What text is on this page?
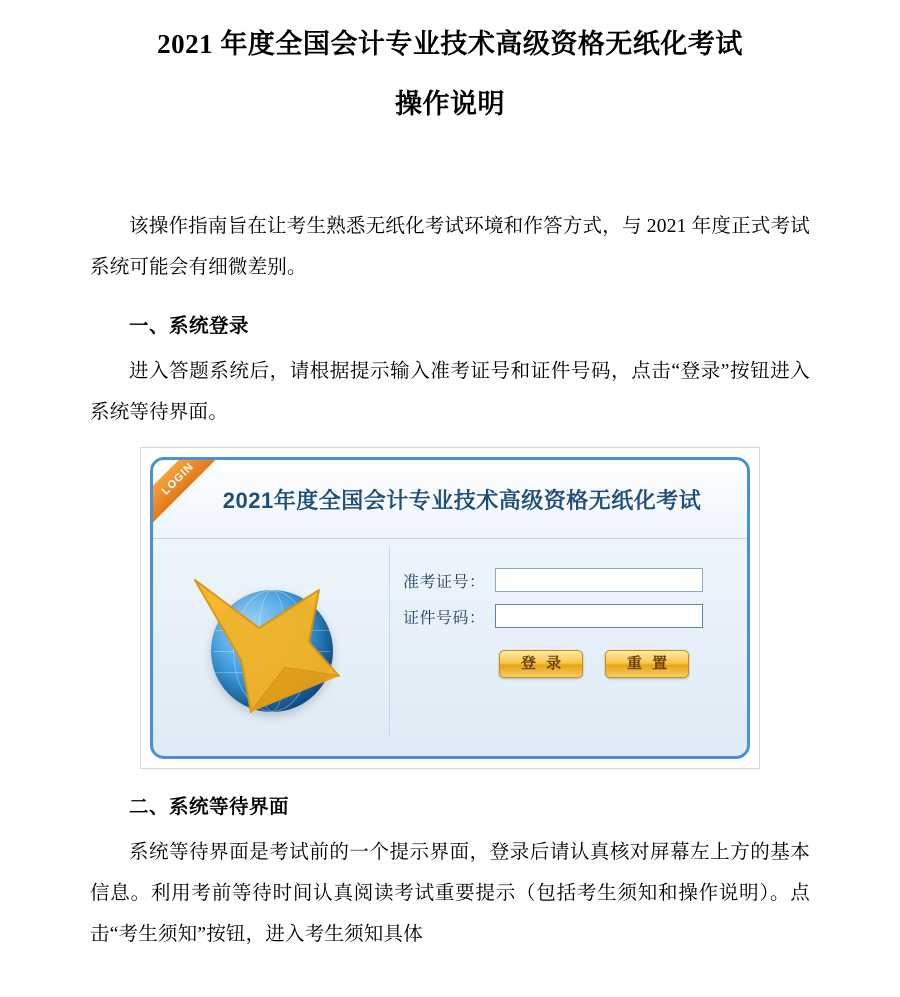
2021 年度全国会计专业技术高级资格无纸化考试
操作说明

该操作指南旨在让考生熟悉无纸化考试环境和作答方式，与 2021 年度正式考试系统可能会有细微差别。

一、系统登录

进入答题系统后，请根据提示输入准考证号和证件号码，点击“登录”按钮进入系统等待界面。

LOGIN
2021年度全国会计专业技术高级资格无纸化考试
准考证号：
证件号码：
登 录	重 置
二、系统等待界面

系统等待界面是考试前的一个提示界面，登录后请认真核对屏幕左上方的基本信息。利用考前等待时间认真阅读考试重要提示（包括考生须知和操作说明）。点击“考生须知”按钮，进入考生须知具体
